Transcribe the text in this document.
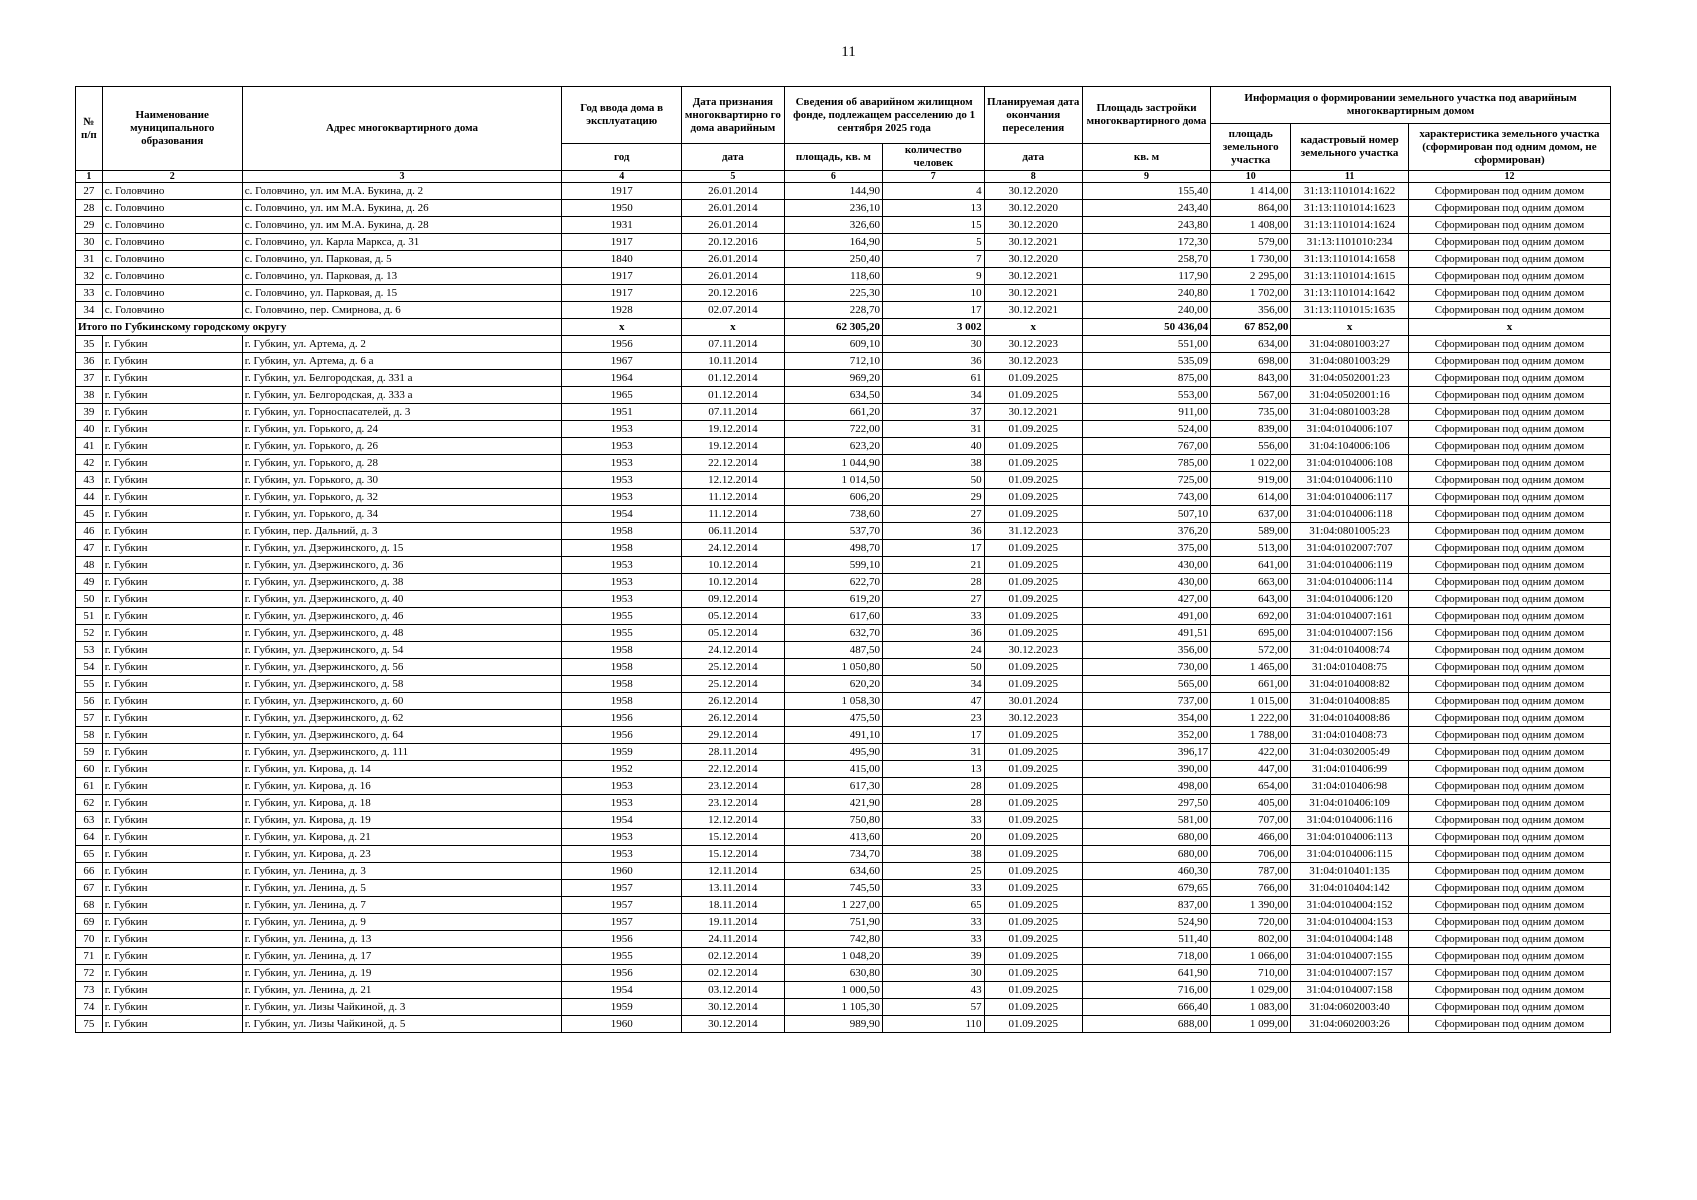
11
№ п/п	Наименование муниципального образования	Адрес многоквартирного дома	Год ввода дома в эксплуатацию	Дата признания многоквартирно го дома аварийным	Сведения об аварийном жилищном фонде, подлежащем расселению до 1 сентября 2025 года		Планируемая дата окончания переселения	Площадь застройки многоквартирного дома	Информация о формировании земельного участка под аварийным многоквартирным домом		
									площадь земельного участка	кадастровый номер земельного участка	характеристика земельного участка (сформирован под одним домом, не сформирован)
			год	дата	площадь, кв. м	количество человек	дата	кв. м			
1	2	3	4	5	6	7	8	9	10	11	12
27	с. Головчино	с. Головчино, ул. им М.А. Букина, д. 2	1917	26.01.2014	144,90	4	30.12.2020	155,40	1 414,00	31:13:1101014:1622	Сформирован под одним домом
28	с. Головчино	с. Головчино, ул. им М.А. Букина, д. 26	1950	26.01.2014	236,10	13	30.12.2020	243,40	864,00	31:13:1101014:1623	Сформирован под одним домом
29	с. Головчино	с. Головчино, ул. им М.А. Букина, д. 28	1931	26.01.2014	326,60	15	30.12.2020	243,80	1 408,00	31:13:1101014:1624	Сформирован под одним домом
30	с. Головчино	с. Головчино, ул. Карла Маркса, д. 31	1917	20.12.2016	164,90	5	30.12.2021	172,30	579,00	31:13:1101010:234	Сформирован под одним домом
31	с. Головчино	с. Головчино, ул. Парковая, д. 5	1840	26.01.2014	250,40	7	30.12.2020	258,70	1 730,00	31:13:1101014:1658	Сформирован под одним домом
32	с. Головчино	с. Головчино, ул. Парковая, д. 13	1917	26.01.2014	118,60	9	30.12.2021	117,90	2 295,00	31:13:1101014:1615	Сформирован под одним домом
33	с. Головчино	с. Головчино, ул. Парковая, д. 15	1917	20.12.2016	225,30	10	30.12.2021	240,80	1 702,00	31:13:1101014:1642	Сформирован под одним домом
34	с. Головчино	с. Головчино, пер. Смирнова, д. 6	1928	02.07.2014	228,70	17	30.12.2021	240,00	356,00	31:13:1101015:1635	Сформирован под одним домом
Итого по Губкинскому городскому округу			x	x	62 305,20	3 002	x	50 436,04	67 852,00	x	x
35	г. Губкин	г. Губкин, ул. Артема, д. 2	1956	07.11.2014	609,10	30	30.12.2023	551,00	634,00	31:04:0801003:27	Сформирован под одним домом
36	г. Губкин	г. Губкин, ул. Артема, д. 6 а	1967	10.11.2014	712,10	36	30.12.2023	535,09	698,00	31:04:0801003:29	Сформирован под одним домом
37	г. Губкин	г. Губкин, ул. Белгородская, д. 331 а	1964	01.12.2014	969,20	61	01.09.2025	875,00	843,00	31:04:0502001:23	Сформирован под одним домом
38	г. Губкин	г. Губкин, ул. Белгородская, д. 333 а	1965	01.12.2014	634,50	34	01.09.2025	553,00	567,00	31:04:0502001:16	Сформирован под одним домом
39	г. Губкин	г. Губкин, ул. Горноспасателей, д. 3	1951	07.11.2014	661,20	37	30.12.2021	911,00	735,00	31:04:0801003:28	Сформирован под одним домом
40	г. Губкин	г. Губкин, ул. Горького, д. 24	1953	19.12.2014	722,00	31	01.09.2025	524,00	839,00	31:04:0104006:107	Сформирован под одним домом
41	г. Губкин	г. Губкин, ул. Горького, д. 26	1953	19.12.2014	623,20	40	01.09.2025	767,00	556,00	31:04:104006:106	Сформирован под одним домом
42	г. Губкин	г. Губкин, ул. Горького, д. 28	1953	22.12.2014	1 044,90	38	01.09.2025	785,00	1 022,00	31:04:0104006:108	Сформирован под одним домом
43	г. Губкин	г. Губкин, ул. Горького, д. 30	1953	12.12.2014	1 014,50	50	01.09.2025	725,00	919,00	31:04:0104006:110	Сформирован под одним домом
44	г. Губкин	г. Губкин, ул. Горького, д. 32	1953	11.12.2014	606,20	29	01.09.2025	743,00	614,00	31:04:0104006:117	Сформирован под одним домом
45	г. Губкин	г. Губкин, ул. Горького, д. 34	1954	11.12.2014	738,60	27	01.09.2025	507,10	637,00	31:04:0104006:118	Сформирован под одним домом
46	г. Губкин	г. Губкин, пер. Дальний, д. 3	1958	06.11.2014	537,70	36	31.12.2023	376,20	589,00	31:04:0801005:23	Сформирован под одним домом
47	г. Губкин	г. Губкин, ул. Дзержинского, д. 15	1958	24.12.2014	498,70	17	01.09.2025	375,00	513,00	31:04:0102007:707	Сформирован под одним домом
48	г. Губкин	г. Губкин, ул. Дзержинского, д. 36	1953	10.12.2014	599,10	21	01.09.2025	430,00	641,00	31:04:0104006:119	Сформирован под одним домом
49	г. Губкин	г. Губкин, ул. Дзержинского, д. 38	1953	10.12.2014	622,70	28	01.09.2025	430,00	663,00	31:04:0104006:114	Сформирован под одним домом
50	г. Губкин	г. Губкин, ул. Дзержинского, д. 40	1953	09.12.2014	619,20	27	01.09.2025	427,00	643,00	31:04:0104006:120	Сформирован под одним домом
51	г. Губкин	г. Губкин, ул. Дзержинского, д. 46	1955	05.12.2014	617,60	33	01.09.2025	491,00	692,00	31:04:0104007:161	Сформирован под одним домом
52	г. Губкин	г. Губкин, ул. Дзержинского, д. 48	1955	05.12.2014	632,70	36	01.09.2025	491,51	695,00	31:04:0104007:156	Сформирован под одним домом
53	г. Губкин	г. Губкин, ул. Дзержинского, д. 54	1958	24.12.2014	487,50	24	30.12.2023	356,00	572,00	31:04:0104008:74	Сформирован под одним домом
54	г. Губкин	г. Губкин, ул. Дзержинского, д. 56	1958	25.12.2014	1 050,80	50	01.09.2025	730,00	1 465,00	31:04:010408:75	Сформирован под одним домом
55	г. Губкин	г. Губкин, ул. Дзержинского, д. 58	1958	25.12.2014	620,20	34	01.09.2025	565,00	661,00	31:04:0104008:82	Сформирован под одним домом
56	г. Губкин	г. Губкин, ул. Дзержинского, д. 60	1958	26.12.2014	1 058,30	47	30.01.2024	737,00	1 015,00	31:04:0104008:85	Сформирован под одним домом
57	г. Губкин	г. Губкин, ул. Дзержинского, д. 62	1956	26.12.2014	475,50	23	30.12.2023	354,00	1 222,00	31:04:0104008:86	Сформирован под одним домом
58	г. Губкин	г. Губкин, ул. Дзержинского, д. 64	1956	29.12.2014	491,10	17	01.09.2025	352,00	1 788,00	31:04:010408:73	Сформирован под одним домом
59	г. Губкин	г. Губкин, ул. Дзержинского, д. 111	1959	28.11.2014	495,90	31	01.09.2025	396,17	422,00	31:04:0302005:49	Сформирован под одним домом
60	г. Губкин	г. Губкин, ул. Кирова, д. 14	1952	22.12.2014	415,00	13	01.09.2025	390,00	447,00	31:04:010406:99	Сформирован под одним домом
61	г. Губкин	г. Губкин, ул. Кирова, д. 16	1953	23.12.2014	617,30	28	01.09.2025	498,00	654,00	31:04:010406:98	Сформирован под одним домом
62	г. Губкин	г. Губкин, ул. Кирова, д. 18	1953	23.12.2014	421,90	28	01.09.2025	297,50	405,00	31:04:010406:109	Сформирован под одним домом
63	г. Губкин	г. Губкин, ул. Кирова, д. 19	1954	12.12.2014	750,80	33	01.09.2025	581,00	707,00	31:04:0104006:116	Сформирован под одним домом
64	г. Губкин	г. Губкин, ул. Кирова, д. 21	1953	15.12.2014	413,60	20	01.09.2025	680,00	466,00	31:04:0104006:113	Сформирован под одним домом
65	г. Губкин	г. Губкин, ул. Кирова, д. 23	1953	15.12.2014	734,70	38	01.09.2025	680,00	706,00	31:04:0104006:115	Сформирован под одним домом
66	г. Губкин	г. Губкин, ул. Ленина, д. 3	1960	12.11.2014	634,60	25	01.09.2025	460,30	787,00	31:04:010401:135	Сформирован под одним домом
67	г. Губкин	г. Губкин, ул. Ленина, д. 5	1957	13.11.2014	745,50	33	01.09.2025	679,65	766,00	31:04:010404:142	Сформирован под одним домом
68	г. Губкин	г. Губкин, ул. Ленина, д. 7	1957	18.11.2014	1 227,00	65	01.09.2025	837,00	1 390,00	31:04:0104004:152	Сформирован под одним домом
69	г. Губкин	г. Губкин, ул. Ленина, д. 9	1957	19.11.2014	751,90	33	01.09.2025	524,90	720,00	31:04:0104004:153	Сформирован под одним домом
70	г. Губкин	г. Губкин, ул. Ленина, д. 13	1956	24.11.2014	742,80	33	01.09.2025	511,40	802,00	31:04:0104004:148	Сформирован под одним домом
71	г. Губкин	г. Губкин, ул. Ленина, д. 17	1955	02.12.2014	1 048,20	39	01.09.2025	718,00	1 066,00	31:04:0104007:155	Сформирован под одним домом
72	г. Губкин	г. Губкин, ул. Ленина, д. 19	1956	02.12.2014	630,80	30	01.09.2025	641,90	710,00	31:04:0104007:157	Сформирован под одним домом
73	г. Губкин	г. Губкин, ул. Ленина, д. 21	1954	03.12.2014	1 000,50	43	01.09.2025	716,00	1 029,00	31:04:0104007:158	Сформирован под одним домом
74	г. Губкин	г. Губкин, ул. Лизы Чайкиной, д. 3	1959	30.12.2014	1 105,30	57	01.09.2025	666,40	1 083,00	31:04:0602003:40	Сформирован под одним домом
75	г. Губкин	г. Губкин, ул. Лизы Чайкиной, д. 5	1960	30.12.2014	989,90	110	01.09.2025	688,00	1 099,00	31:04:0602003:26	Сформирован под одним домом
